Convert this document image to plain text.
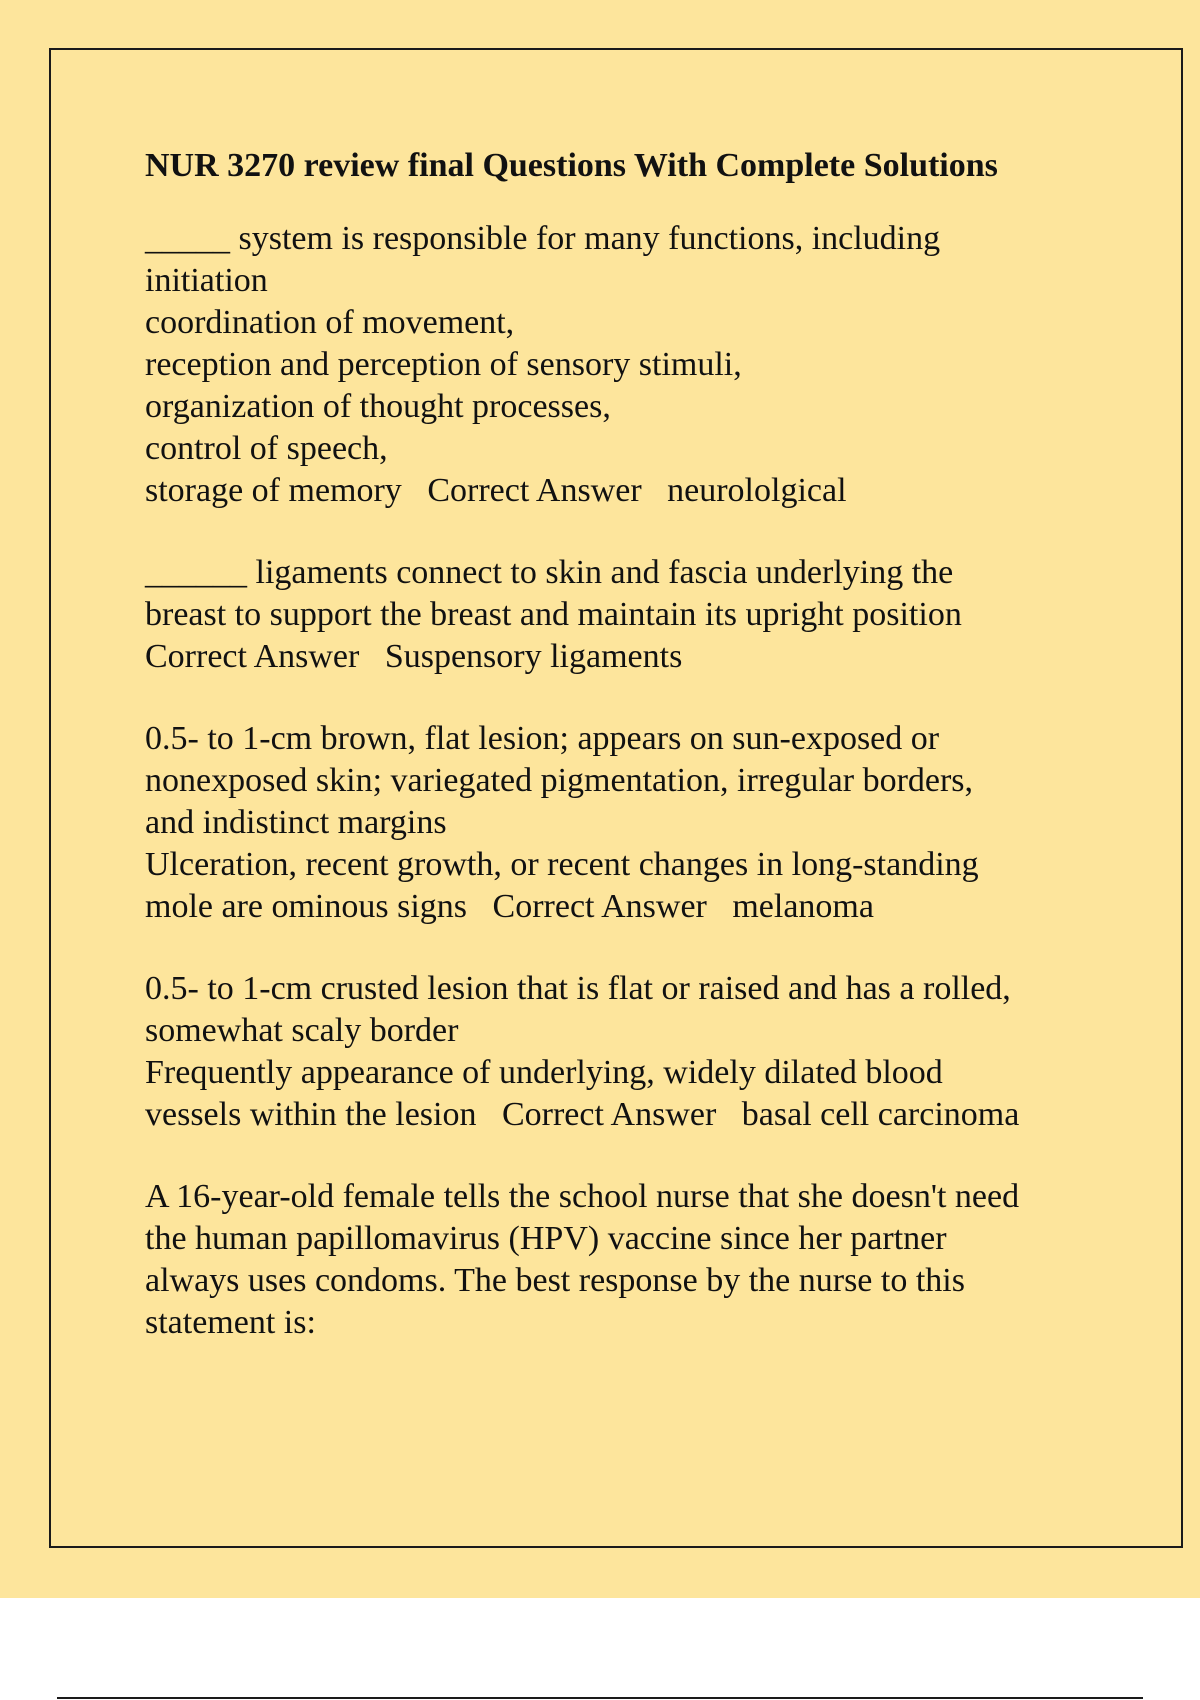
NUR 3270 review final Questions With Complete Solutions
_____ system is responsible for many functions, including
initiation
coordination of movement,
reception and perception of sensory stimuli,
organization of thought processes,
control of speech,
storage of memory Correct Answer neurololgical
______ ligaments connect to skin and fascia underlying the
breast to support the breast and maintain its upright position
Correct Answer Suspensory ligaments
0.5- to 1-cm brown, flat lesion; appears on sun-exposed or
nonexposed skin; variegated pigmentation, irregular borders,
and indistinct margins
Ulceration, recent growth, or recent changes in long-standing
mole are ominous signs Correct Answer melanoma
0.5- to 1-cm crusted lesion that is flat or raised and has a rolled,
somewhat scaly border
Frequently appearance of underlying, widely dilated blood
vessels within the lesion Correct Answer basal cell carcinoma
A 16-year-old female tells the school nurse that she doesn't need
the human papillomavirus (HPV) vaccine since her partner
always uses condoms. The best response by the nurse to this
statement is:
